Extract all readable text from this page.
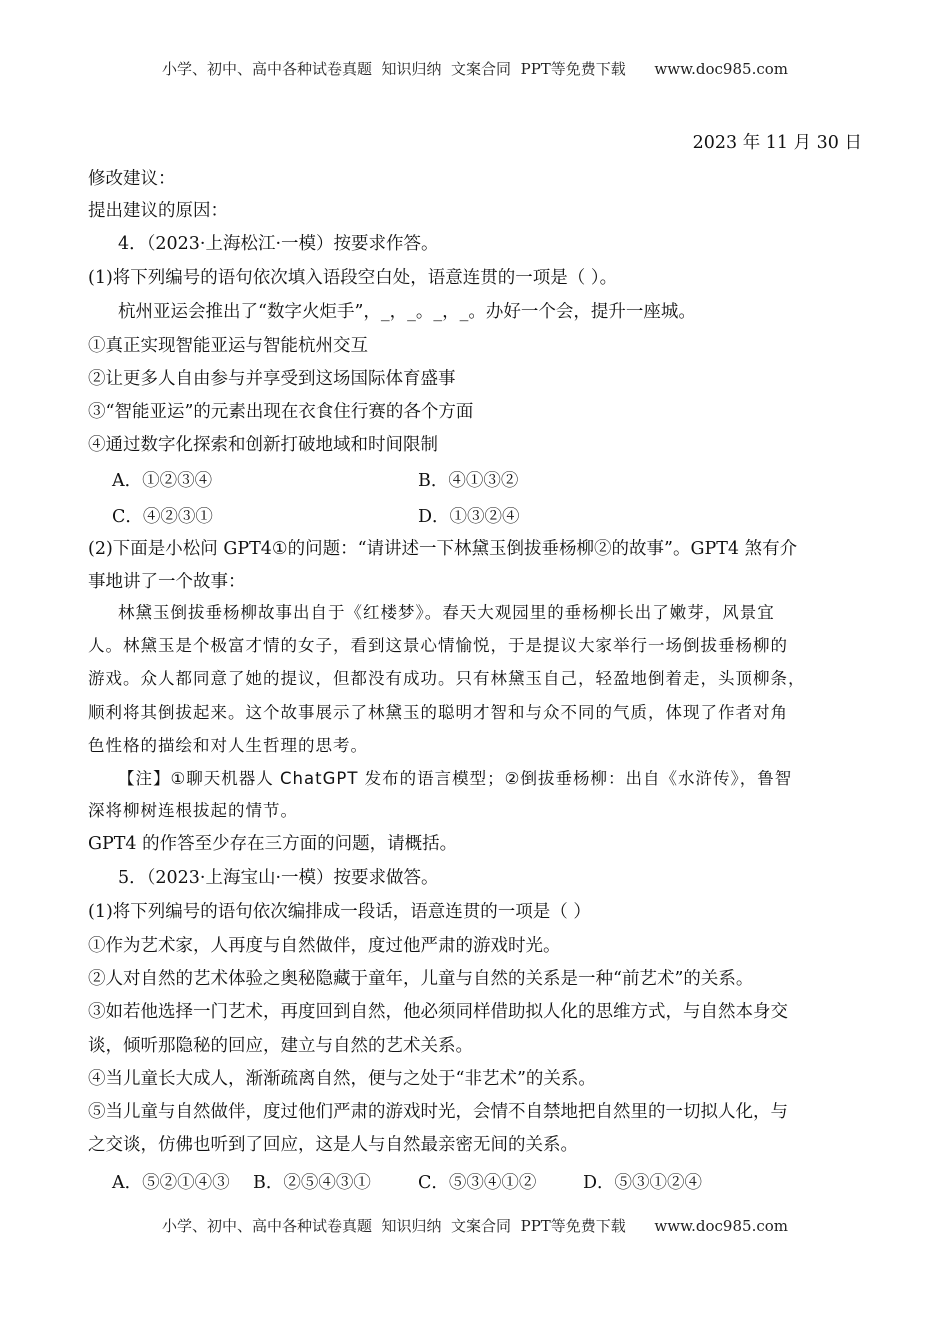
小学、初中、高中各种试卷真题  知识归纳  文案合同  PPT等免费下载      www.doc985.com
2023 年 11 月 30 日
修改建议：
提出建议的原因：
4．（2023·上海松江·一模）按要求作答。
(1)将下列编号的语句依次填入语段空白处，语意连贯的一项是（ ）。
杭州亚运会推出了“数字火炬手”，_，_。_，_。办好一个会，提升一座城。
①真正实现智能亚运与智能杭州交互
②让更多人自由参与并享受到这场国际体育盛事
③“智能亚运”的元素出现在衣食住行赛的各个方面
④通过数字化探索和创新打破地域和时间限制
A．①②③④	B．④①③②
C．④②③①	D．①③②④
(2)下面是小松问 GPT4①的问题：“请讲述一下林黛玉倒拔垂杨柳②的故事”。GPT4 煞有介
事地讲了一个故事：
林黛玉倒拔垂杨柳故事出自于《红楼梦》。春天大观园里的垂杨柳长出了嫩芽，风景宜
人。林黛玉是个极富才情的女子，看到这景心情愉悦，于是提议大家举行一场倒拔垂杨柳的
游戏。众人都同意了她的提议，但都没有成功。只有林黛玉自己，轻盈地倒着走，头顶柳条，
顺利将其倒拔起来。这个故事展示了林黛玉的聪明才智和与众不同的气质，体现了作者对角
色性格的描绘和对人生哲理的思考。
【注】①聊天机器人 ChatGPT 发布的语言模型；②倒拔垂杨柳：出自《水浒传》，鲁智
深将柳树连根拔起的情节。
GPT4 的作答至少存在三方面的问题，请概括。
5．（2023·上海宝山·一模）按要求做答。
(1)将下列编号的语句依次编排成一段话，语意连贯的一项是（ ）
①作为艺术家，人再度与自然做伴，度过他严肃的游戏时光。
②人对自然的艺术体验之奥秘隐藏于童年，儿童与自然的关系是一种“前艺术”的关系。
③如若他选择一门艺术，再度回到自然，他必须同样借助拟人化的思维方式，与自然本身交
谈，倾听那隐秘的回应，建立与自然的艺术关系。
④当儿童长大成人，渐渐疏离自然，便与之处于“非艺术”的关系。
⑤当儿童与自然做伴，度过他们严肃的游戏时光，会情不自禁地把自然里的一切拟人化，与
之交谈，仿佛也听到了回应，这是人与自然最亲密无间的关系。
A．⑤②①④③ B．②⑤④③①	C．⑤③④①②	D．⑤③①②④
小学、初中、高中各种试卷真题  知识归纳  文案合同  PPT等免费下载      www.doc985.com
